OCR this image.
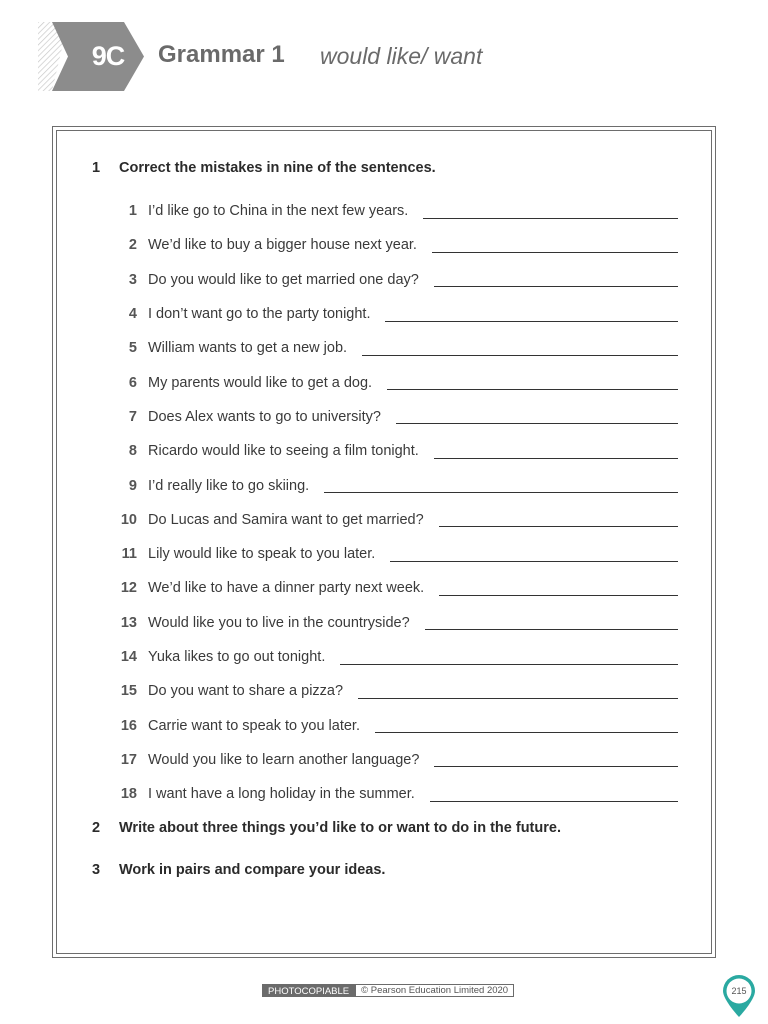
9C	Grammar 1 would like/ want
1 Correct the mistakes in nine of the sentences.
1 I’d like go to China in the next few years.
2 We’d like to buy a bigger house next year.
3 Do you would like to get married one day?
4 I don’t want go to the party tonight.
5 William wants to get a new job.
6 My parents would like to get a dog.
7 Does Alex wants to go to university?
8 Ricardo would like to seeing a film tonight.
9 I’d really like to go skiing.
10 Do Lucas and Samira want to get married?
11 Lily would like to speak to you later.
12 We’d like to have a dinner party next week.
13 Would like you to live in the countryside?
14 Yuka likes to go out tonight.
15 Do you want to share a pizza?
16 Carrie want to speak to you later.
17 Would you like to learn another language?
18 I want have a long holiday in the summer.
2 Write about three things you’d like to or want to do in the future.
3 Work in pairs and compare your ideas.
PHOTOCOPIABLE	© Pearson Education Limited 2020	215
